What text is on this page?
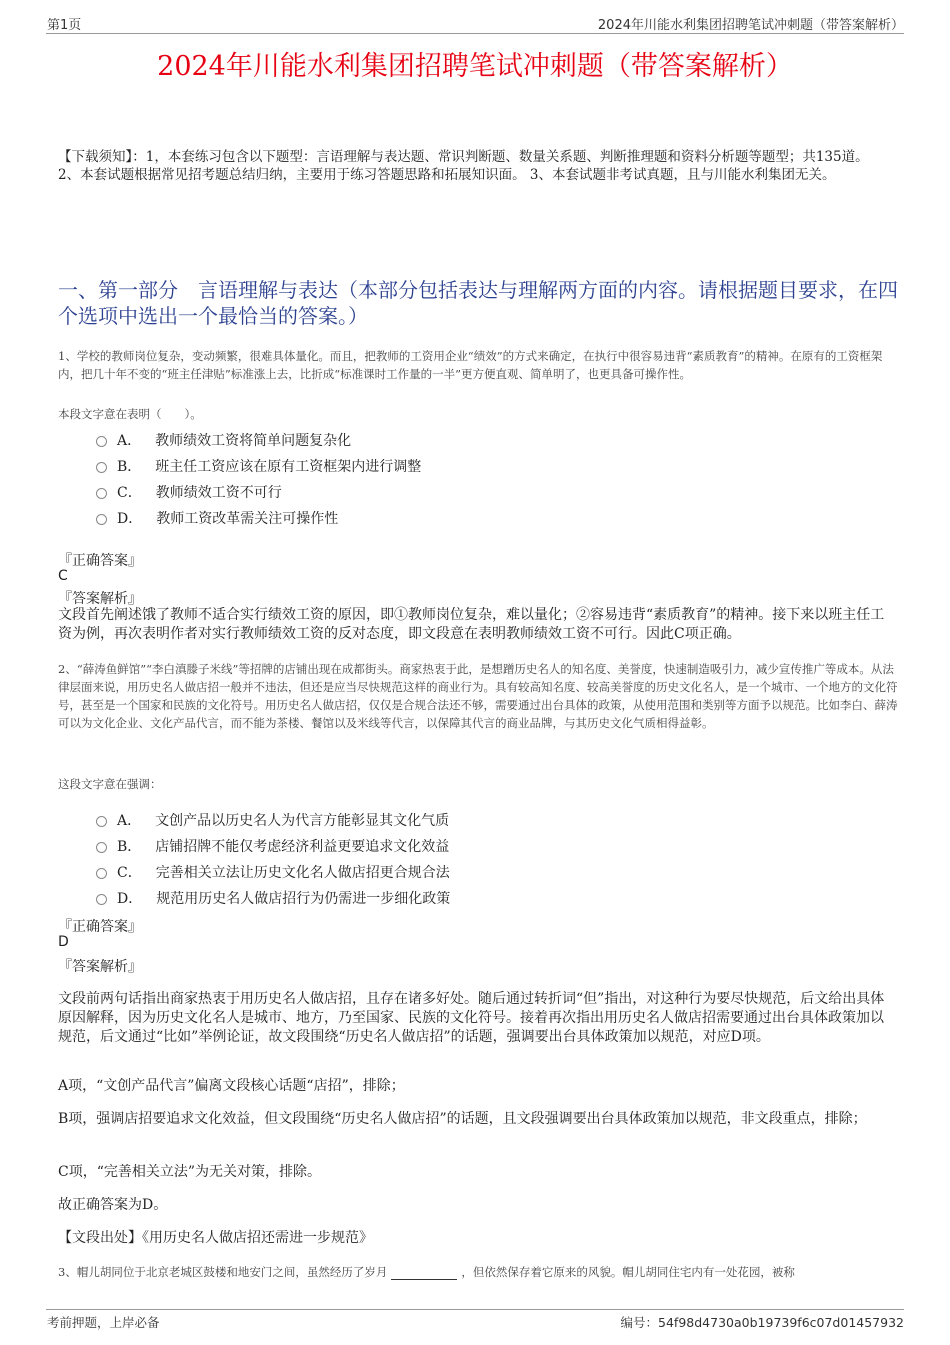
第1页	2024年川能水利集团招聘笔试冲刺题（带答案解析）
2024年川能水利集团招聘笔试冲刺题（带答案解析）
【下载须知】：1，本套练习包含以下题型：言语理解与表达题、常识判断题、数量关系题、判断推理题和资料分析题等题型；共135道。 2、本套试题根据常见招考题总结归纳，主要用于练习答题思路和拓展知识面。 3、本套试题非考试真题，且与川能水利集团无关。
一、第一部分　言语理解与表达（本部分包括表达与理解两方面的内容。请根据题目要求，在四个选项中选出一个最恰当的答案。）
1、学校的教师岗位复杂，变动频繁，很难具体量化。而且，把教师的工资用企业“绩效”的方式来确定，在执行中很容易违背“素质教育”的精神。在原有的工资框架内，把几十年不变的“班主任津贴”标准涨上去，比折成“标准课时工作量的一半”更方便直观、简单明了，也更具备可操作性。
本段文字意在表明（　　）。
A． 教师绩效工资将简单问题复杂化
B． 班主任工资应该在原有工资框架内进行调整
C． 教师绩效工资不可行
D． 教师工资改革需关注可操作性
『正确答案』
C
『答案解析』
文段首先阐述饿了教师不适合实行绩效工资的原因，即①教师岗位复杂，难以量化；②容易违背“素质教育”的精神。接下来以班主任工资为例，再次表明作者对实行教师绩效工资的反对态度，即文段意在表明教师绩效工资不可行。因此C项正确。
2、“薛涛鱼鲜馆”“李白滇滕子米线”等招牌的店铺出现在成都街头。商家热衷于此，是想蹭历史名人的知名度、美誉度，快速制造吸引力，减少宣传推广等成本。从法律层面来说，用历史名人做店招一般并不违法，但还是应当尽快规范这样的商业行为。具有较高知名度、较高美誉度的历史文化名人，是一个城市、一个地方的文化符号，甚至是一个国家和民族的文化符号。用历史名人做店招，仅仅是合规合法还不够，需要通过出台具体的政策，从使用范围和类别等方面予以规范。比如李白、薛涛可以为文化企业、文化产品代言，而不能为茶楼、餐馆以及米线等代言，以保障其代言的商业品牌，与其历史文化气质相得益彰。
这段文字意在强调：
A． 文创产品以历史名人为代言方能彰显其文化气质
B． 店铺招牌不能仅考虑经济利益更要追求文化效益
C． 完善相关立法让历史文化名人做店招更合规合法
D． 规范用历史名人做店招行为仍需进一步细化政策
『正确答案』
D
『答案解析』
文段前两句话指出商家热衷于用历史名人做店招，且存在诸多好处。随后通过转折词“但”指出，对这种行为要尽快规范，后文给出具体原因解释，因为历史文化名人是城市、地方，乃至国家、民族的文化符号。接着再次指出用历史名人做店招需要通过出台具体政策加以规范，后文通过“比如”举例论证，故文段围绕“历史名人做店招”的话题，强调要出台具体政策加以规范，对应D项。
A项，“文创产品代言”偏离文段核心话题“店招”，排除；
B项，强调店招要追求文化效益，但文段围绕“历史名人做店招”的话题，且文段强调要出台具体政策加以规范，非文段重点，排除；
C项，“完善相关立法”为无关对策，排除。
故正确答案为D。
【文段出处】《用历史名人做店招还需进一步规范》
3、帽儿胡同位于北京老城区鼓楼和地安门之间，虽然经历了岁月	，但依然保存着它原来的风貌。帽儿胡同住宅内有一处花园，被称
考前押题，上岸必备	编号：54f98d4730a0b19739f6c07d01457932
